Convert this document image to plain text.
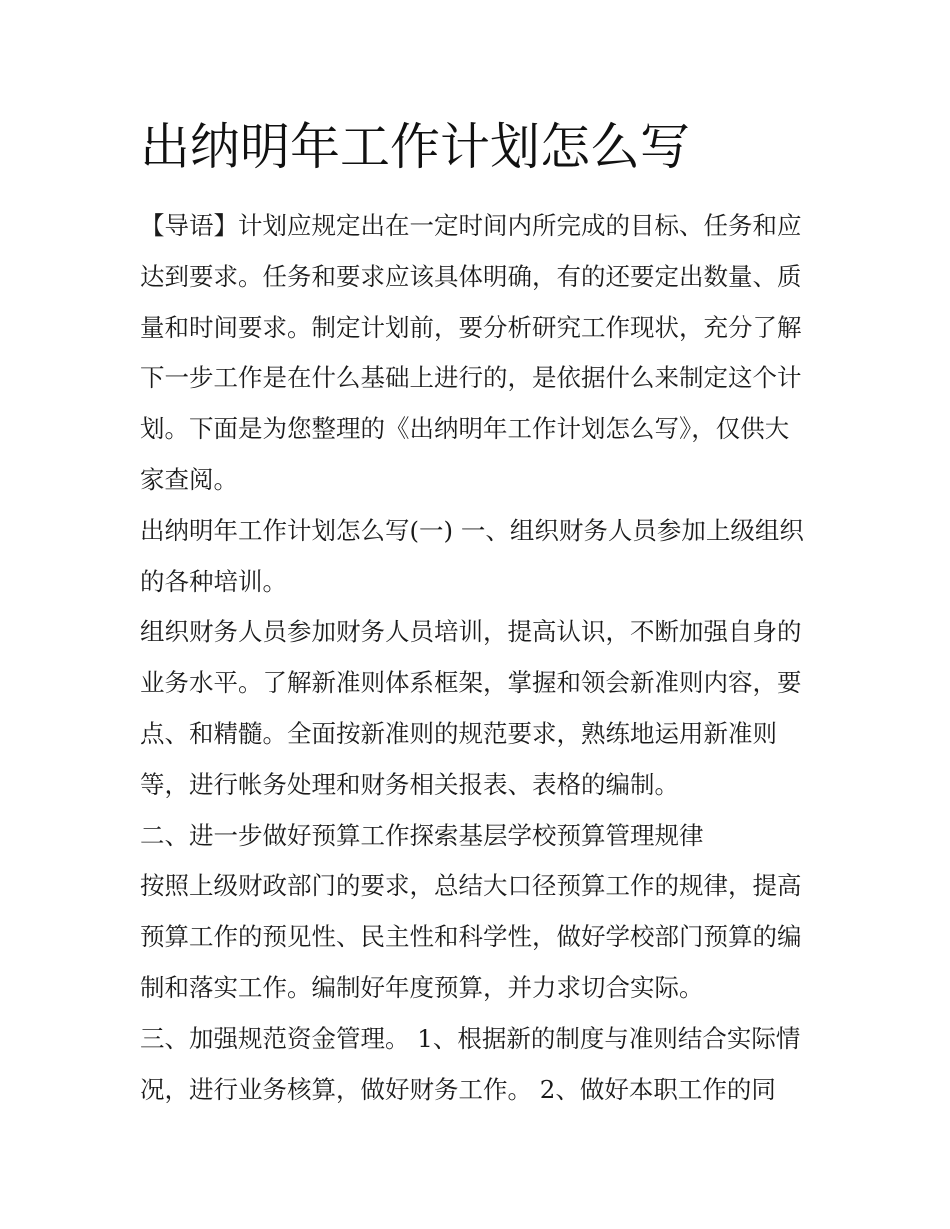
出纳明年工作计划怎么写
【导语】计划应规定出在一定时间内所完成的目标、任务和应
达到要求。任务和要求应该具体明确，有的还要定出数量、质
量和时间要求。制定计划前，要分析研究工作现状，充分了解
下一步工作是在什么基础上进行的，是依据什么来制定这个计
划。下面是为您整理的《出纳明年工作计划怎么写》，仅供大
家查阅。
出纳明年工作计划怎么写(一) 一、组织财务人员参加上级组织
的各种培训。
组织财务人员参加财务人员培训，提高认识，不断加强自身的
业务水平。了解新准则体系框架，掌握和领会新准则内容，要
点、和精髓。全面按新准则的规范要求，熟练地运用新准则
等，进行帐务处理和财务相关报表、表格的编制。
二、进一步做好预算工作探索基层学校预算管理规律
按照上级财政部门的要求，总结大口径预算工作的规律，提高
预算工作的预见性、民主性和科学性，做好学校部门预算的编
制和落实工作。编制好年度预算，并力求切合实际。
三、加强规范资金管理。 1、根据新的制度与准则结合实际情
况，进行业务核算，做好财务工作。 2、做好本职工作的同
